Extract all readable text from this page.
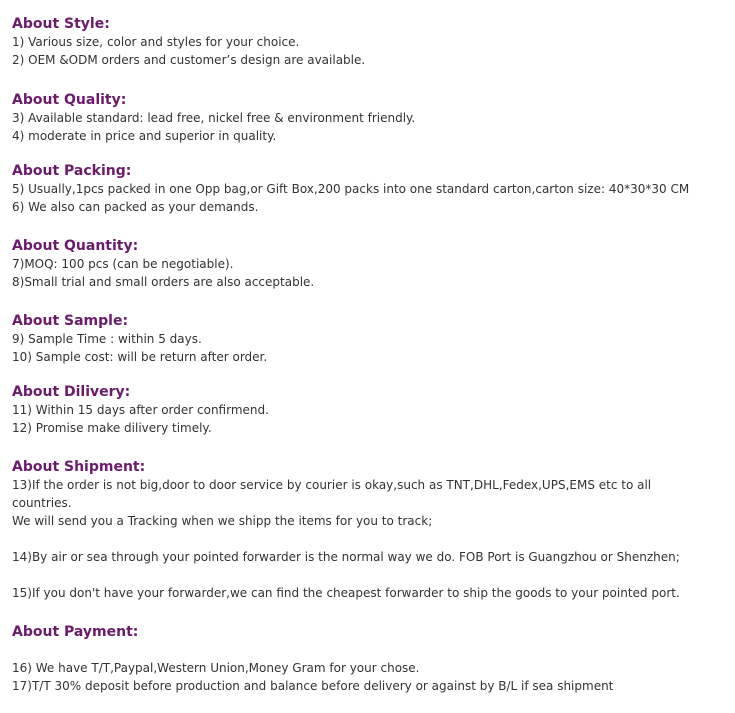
About Style:
1) Various size, color and styles for your choice.
2) OEM &ODM orders and customer’s design are available.
About Quality:
3) Available standard: lead free, nickel free & environment friendly.
4) moderate in price and superior in quality.
About Packing:
5) Usually,1pcs packed in one Opp bag,or Gift Box,200 packs into one standard carton,carton size: 40*30*30 CM
6) We also can packed as your demands.
About Quantity:
7)MOQ: 100 pcs (can be negotiable).
8)Small trial and small orders are also acceptable.
About Sample:
9) Sample Time : within 5 days.
10) Sample cost: will be return after order.
About Dilivery:
11) Within 15 days after order confirmend.
12) Promise make dilivery timely.
About Shipment:
13)If the order is not big,door to door service by courier is okay,such as TNT,DHL,Fedex,UPS,EMS etc to all
countries.
We will send you a Tracking when we shipp the items for you to track;
14)By air or sea through your pointed forwarder is the normal way we do. FOB Port is Guangzhou or Shenzhen;
15)If you don't have your forwarder,we can find the cheapest forwarder to ship the goods to your pointed port.
About Payment:
16) We have T/T,Paypal,Western Union,Money Gram for your chose.
17)T/T 30% deposit before production and balance before delivery or against by B/L if sea shipment
